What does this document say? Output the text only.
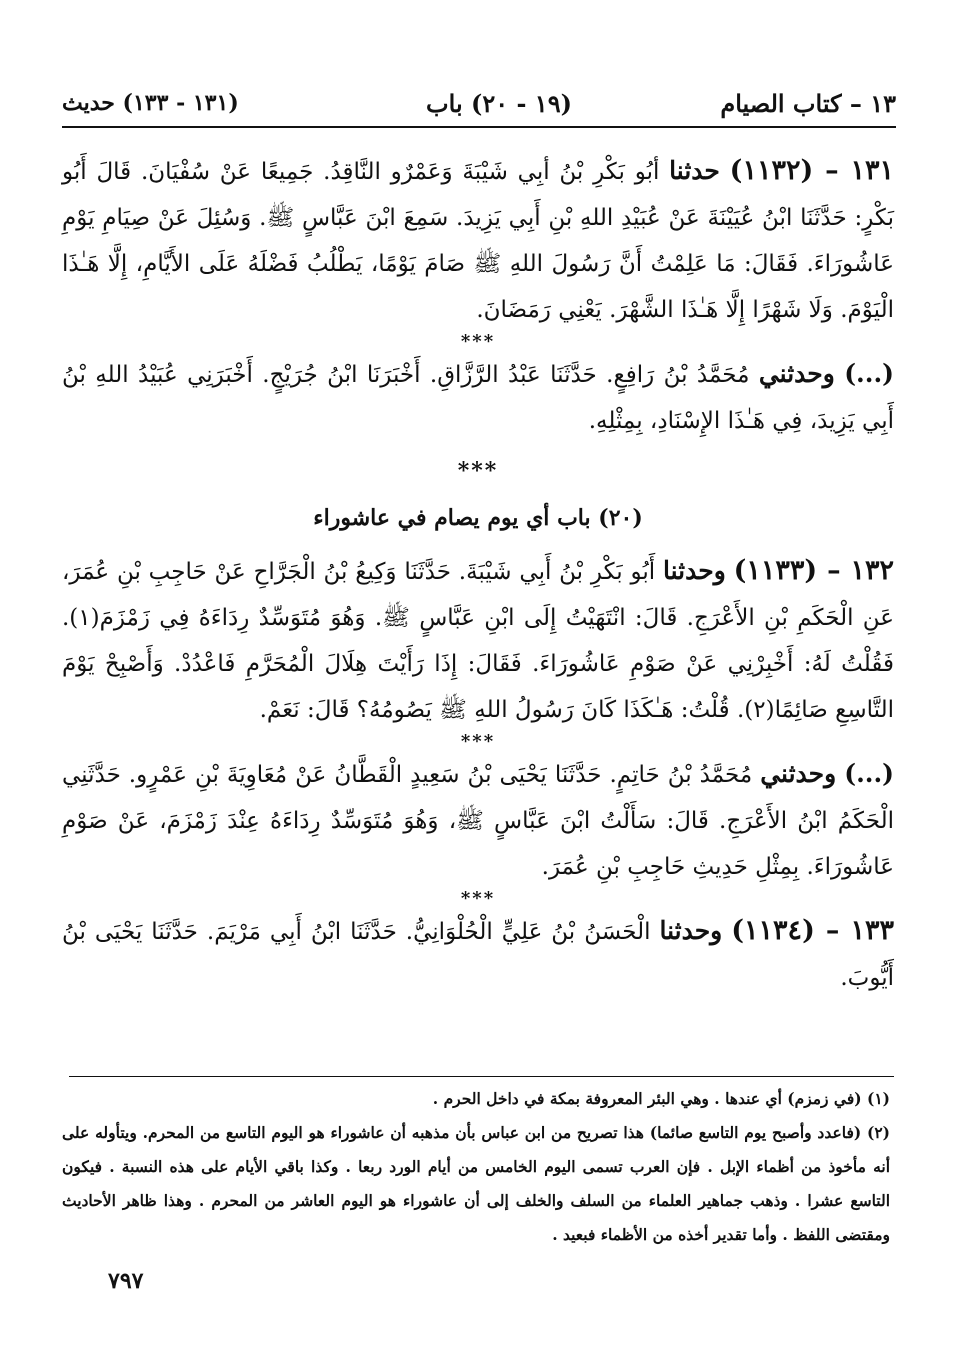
١٣ – كتاب الصيام
(١٩ - ٢٠) باب
(١٣١ - ١٣٣) حديث

١٣١ – (١١٣٢) حدثنا أبُو بَكْرِ بْنُ أبِي شَيْبَةَ وَعَمْرٌو النَّاقِدُ. جَمِيعًا عَنْ سُفْيَانَ. قَالَ أَبُو بَكْرٍ: حَدَّثَنَا ابْنُ عُيَيْنَةَ عَنْ عُبَيْدِ اللهِ بْنِ أَبِي يَزِيدَ. سَمِعَ ابْنَ عَبَّاسٍ ﷺ. وَسُئِلَ عَنْ صِيَامِ يَوْمِ عَاشُورَاءَ. فَقَالَ: مَا عَلِمْتُ أَنَّ رَسُولَ اللهِ ﷺ صَامَ يَوْمًا، يَطْلُبُ فَضْلَهُ عَلَى الأَيَّامِ، إِلَّا هَـٰذَا الْيَوْمَ. وَلَا شَهْرًا إِلَّا هَـٰذَا الشَّهْرَ. يَعْنِي رَمَضَانَ.

***

(...) وحدثني مُحَمَّدُ بْنُ رَافِعٍ. حَدَّثَنَا عَبْدُ الرَّزَّاقِ. أَخْبَرَنَا ابْنُ جُرَيْجٍ. أَخْبَرَنِي عُبَيْدُ اللهِ بْنُ أَبِي يَزِيدَ، فِي هَـٰذَا الإِسْنَادِ، بِمِثْلِهِ.

***

(٢٠) باب أي يوم يصام في عاشوراء

١٣٢ – (١١٣٣) وحدثنا أَبُو بَكْرِ بْنُ أَبِي شَيْبَةَ. حَدَّثَنَا وَكِيعُ بْنُ الْجَرَّاحِ عَنْ حَاجِبِ بْنِ عُمَرَ، عَنِ الْحَكَمِ بْنِ الأَعْرَجِ. قَالَ: انْتَهَيْتُ إِلَى ابْنِ عَبَّاسٍ ﷺ. وَهُوَ مُتَوَسِّدٌ رِدَاءَهُ فِي زَمْزَمَ(١). فَقُلْتُ لَهُ: أَخْبِرْنِي عَنْ صَوْمِ عَاشُورَاءَ. فَقَالَ: إِذَا رَأَيْتَ هِلَالَ الْمُحَرَّمِ فَاعْدُدْ. وَأَصْبِحْ يَوْمَ التَّاسِعِ صَائِمًا(٢). قُلْتُ: هَـٰكَذَا كَانَ رَسُولُ اللهِ ﷺ يَصُومُهُ؟ قَالَ: نَعَمْ.

***

(...) وحدثني مُحَمَّدُ بْنُ حَاتِمٍ. حَدَّثَنَا يَحْيَى بْنُ سَعِيدٍ الْقَطَّانُ عَنْ مُعَاوِيَةَ بْنِ عَمْرٍو. حَدَّثَنِي الْحَكَمُ ابْنُ الأَعْرَجِ. قَالَ: سَأَلْتُ ابْنَ عَبَّاسٍ ﷺ، وَهُوَ مُتَوَسِّدٌ رِدَاءَهُ عِنْدَ زَمْزَمَ، عَنْ صَوْمِ عَاشُورَاءَ. بِمِثْلِ حَدِيثِ حَاجِبِ بْنِ عُمَرَ.

***

١٣٣ – (١١٣٤) وحدثنا الْحَسَنُ بْنُ عَلِيٍّ الْحُلْوَانِيُّ. حَدَّثَنَا ابْنُ أَبِي مَرْيَمَ. حَدَّثَنَا يَحْيَى بْنُ أَيُّوبَ.

(١) (في زمزم) أي عندها . وهي البئر المعروفة بمكة في داخل الحرم .

(٢) (فاعدد وأصبح يوم التاسع صائما) هذا تصريح من ابن عباس بأن مذهبه أن عاشوراء هو اليوم التاسع من المحرم. ويتأوله على أنه مأخوذ من أظماء الإبل . فإن العرب تسمى اليوم الخامس من أيام الورد ربعا . وكذا باقي الأيام على هذه النسبة . فيكون التاسع عشرا . وذهب جماهير العلماء من السلف والخلف إلى أن عاشوراء هو اليوم العاشر من المحرم . وهذا ظاهر الأحاديث ومقتضى اللفظ . وأما تقدير أخذه من الأظماء فبعيد .

٧٩٧
